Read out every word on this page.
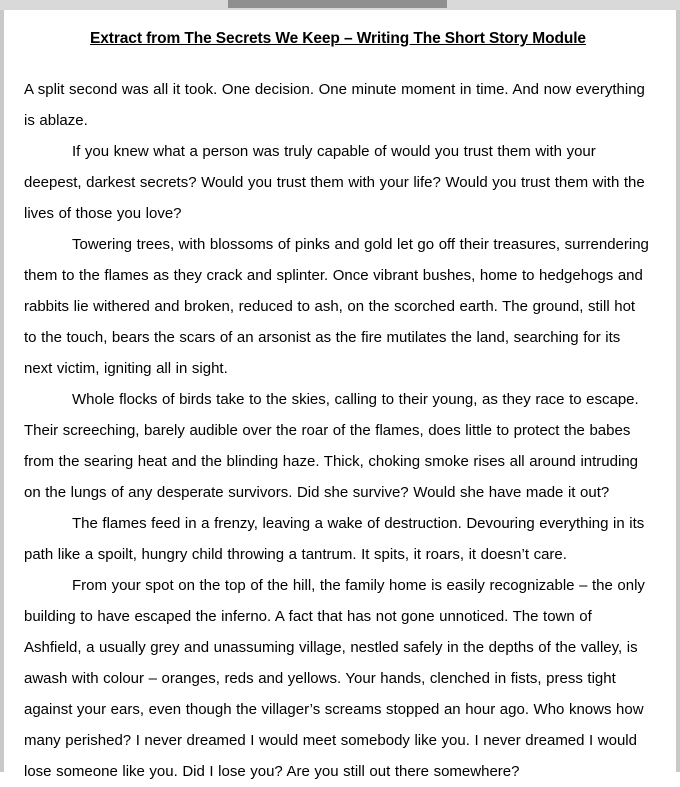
Extract from The Secrets We Keep – Writing The Short Story Module

A split second was all it took. One decision. One minute moment in time. And now everything is ablaze.

If you knew what a person was truly capable of would you trust them with your deepest, darkest secrets? Would you trust them with your life? Would you trust them with the lives of those you love?

Towering trees, with blossoms of pinks and gold let go off their treasures, surrendering them to the flames as they crack and splinter. Once vibrant bushes, home to hedgehogs and rabbits lie withered and broken, reduced to ash, on the scorched earth. The ground, still hot to the touch, bears the scars of an arsonist as the fire mutilates the land, searching for its next victim, igniting all in sight.

Whole flocks of birds take to the skies, calling to their young, as they race to escape. Their screeching, barely audible over the roar of the flames, does little to protect the babes from the searing heat and the blinding haze. Thick, choking smoke rises all around intruding on the lungs of any desperate survivors. Did she survive? Would she have made it out?

The flames feed in a frenzy, leaving a wake of destruction. Devouring everything in its path like a spoilt, hungry child throwing a tantrum. It spits, it roars, it doesn’t care.

From your spot on the top of the hill, the family home is easily recognizable – the only building to have escaped the inferno. A fact that has not gone unnoticed. The town of Ashfield, a usually grey and unassuming village, nestled safely in the depths of the valley, is awash with colour – oranges, reds and yellows. Your hands, clenched in fists, press tight against your ears, even though the villager’s screams stopped an hour ago. Who knows how many perished? I never dreamed I would meet somebody like you. I never dreamed I would lose someone like you. Did I lose you? Are you still out there somewhere?
